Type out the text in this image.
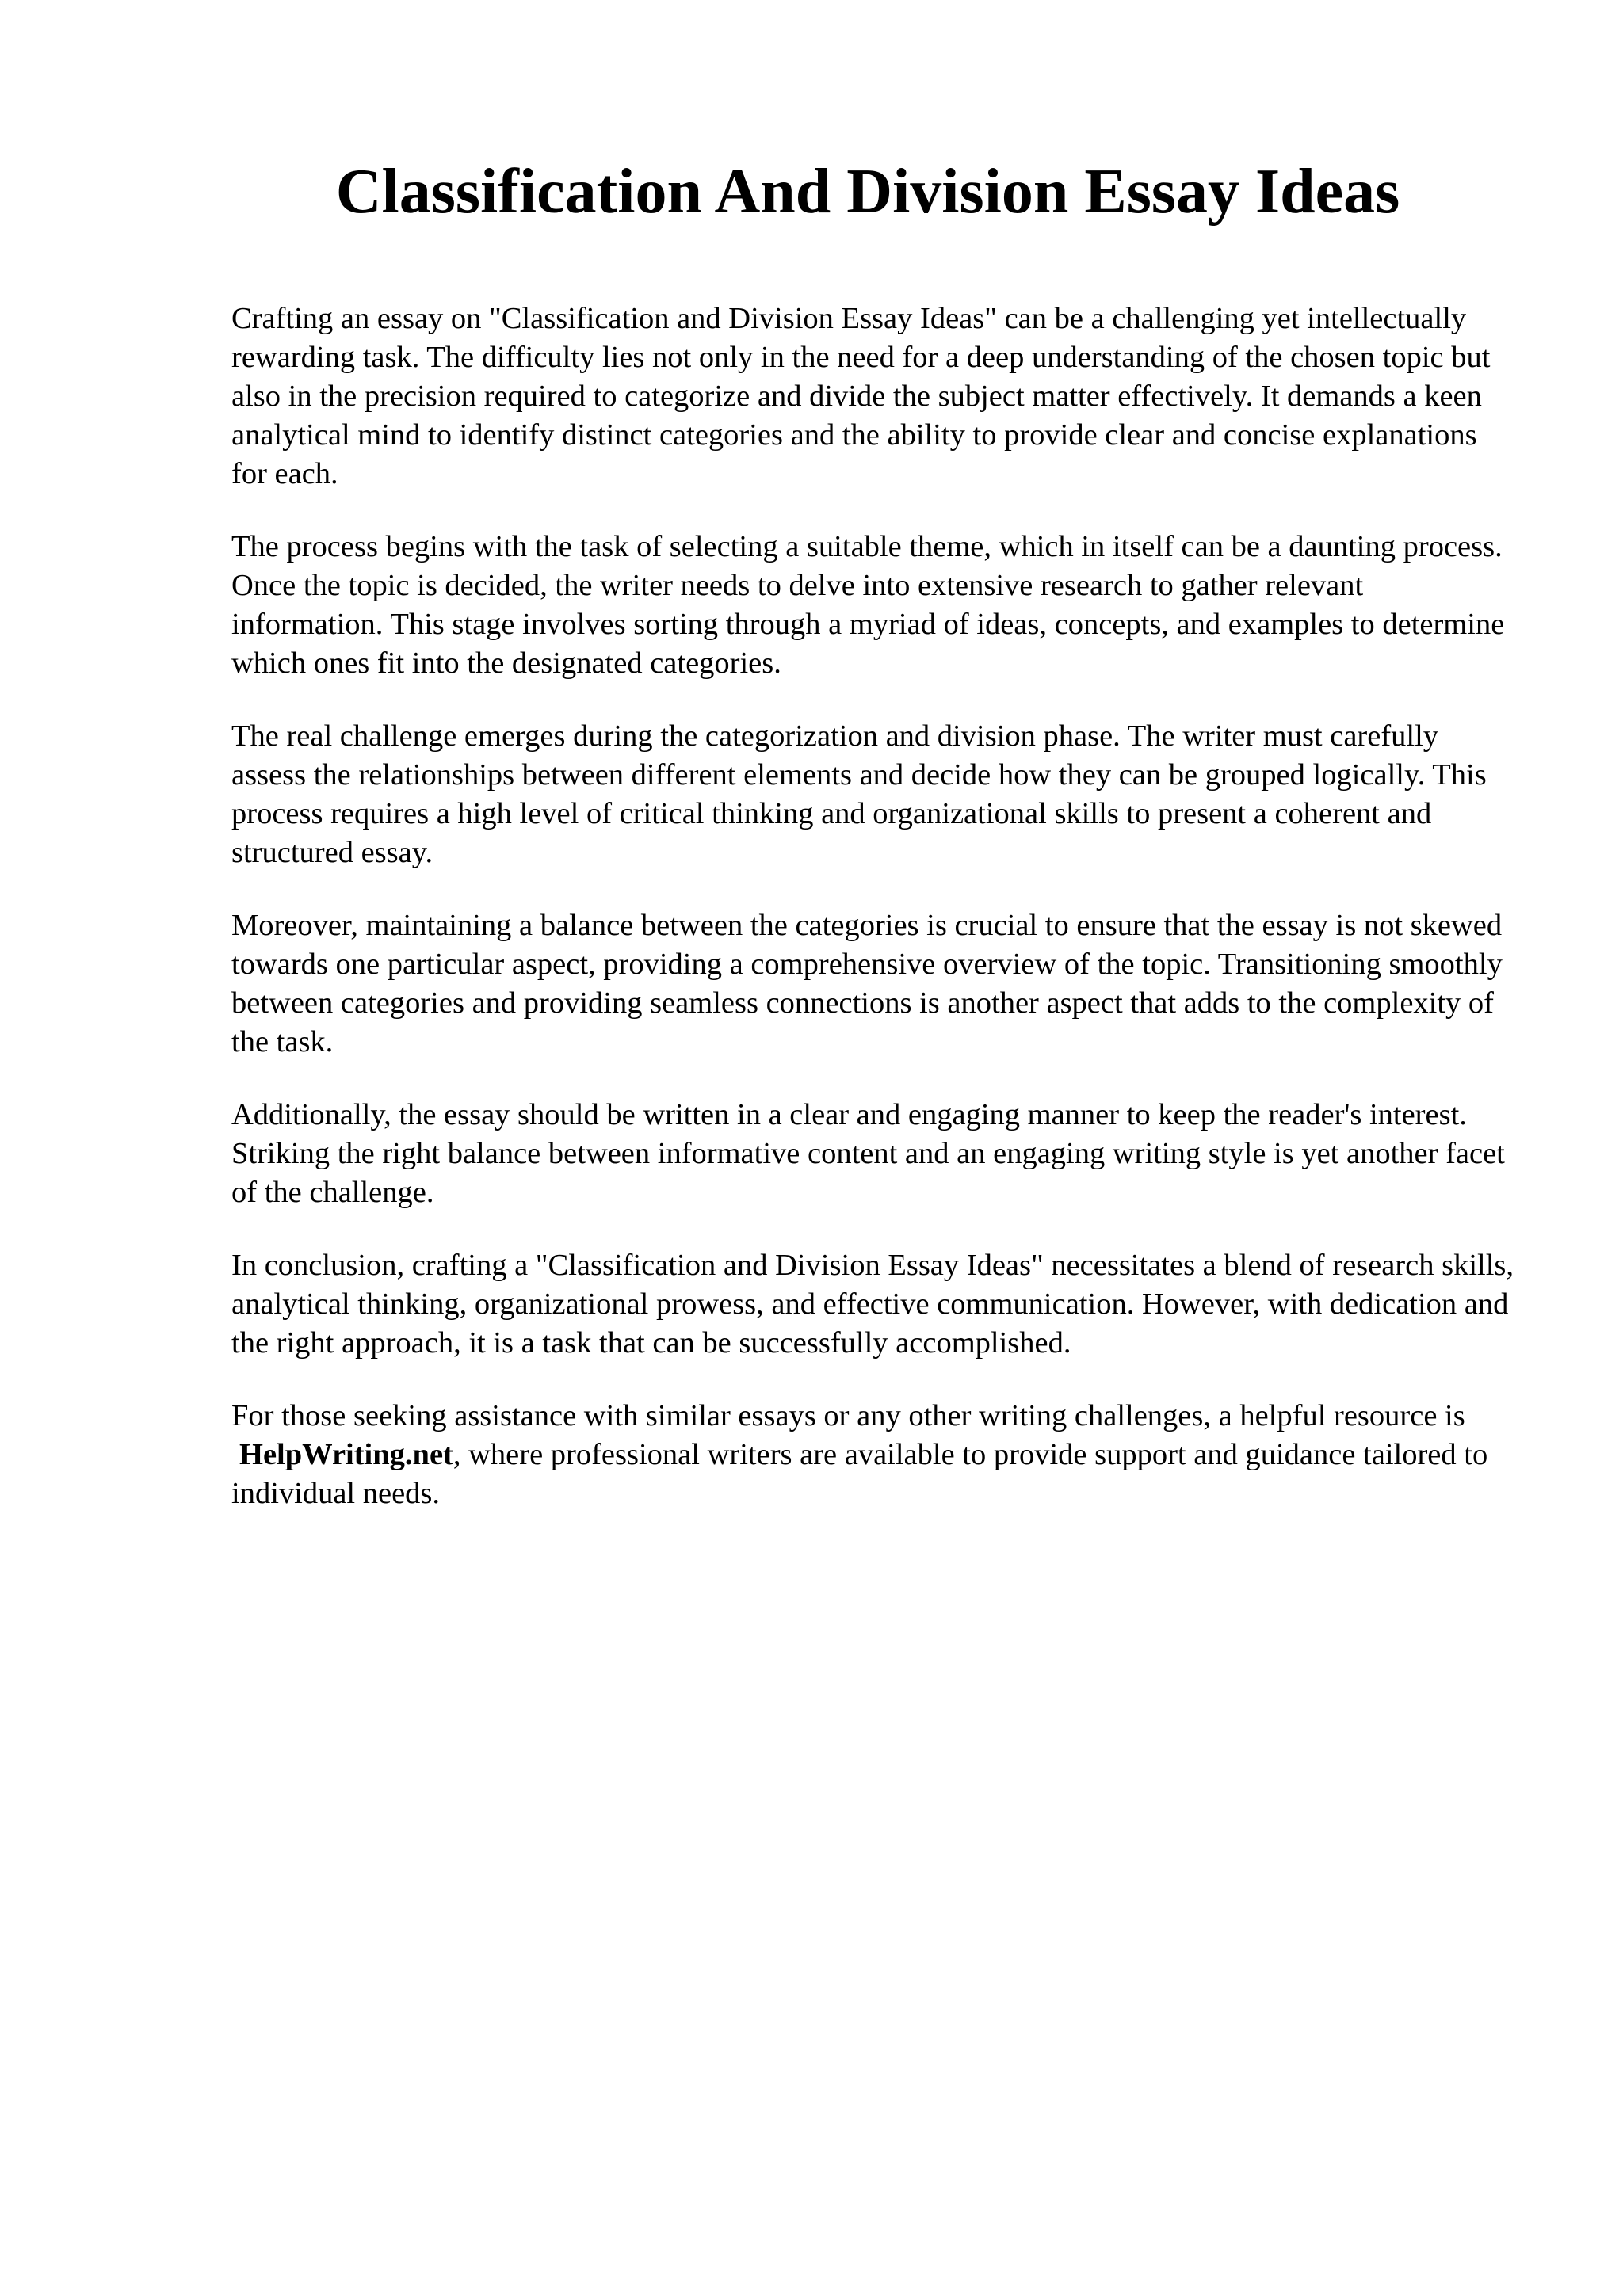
Classification And Division Essay Ideas

Crafting an essay on "Classification and Division Essay Ideas" can be a challenging yet intellectually rewarding task. The difficulty lies not only in the need for a deep understanding of the chosen topic but also in the precision required to categorize and divide the subject matter effectively. It demands a keen analytical mind to identify distinct categories and the ability to provide clear and concise explanations for each.

The process begins with the task of selecting a suitable theme, which in itself can be a daunting process. Once the topic is decided, the writer needs to delve into extensive research to gather relevant information. This stage involves sorting through a myriad of ideas, concepts, and examples to determine which ones fit into the designated categories.

The real challenge emerges during the categorization and division phase. The writer must carefully assess the relationships between different elements and decide how they can be grouped logically. This process requires a high level of critical thinking and organizational skills to present a coherent and structured essay.

Moreover, maintaining a balance between the categories is crucial to ensure that the essay is not skewed towards one particular aspect, providing a comprehensive overview of the topic. Transitioning smoothly between categories and providing seamless connections is another aspect that adds to the complexity of the task.

Additionally, the essay should be written in a clear and engaging manner to keep the reader's interest. Striking the right balance between informative content and an engaging writing style is yet another facet of the challenge.

In conclusion, crafting a "Classification and Division Essay Ideas" necessitates a blend of research skills, analytical thinking, organizational prowess, and effective communication. However, with dedication and the right approach, it is a task that can be successfully accomplished.

For those seeking assistance with similar essays or any other writing challenges, a helpful resource is HelpWriting.net, where professional writers are available to provide support and guidance tailored to individual needs.
